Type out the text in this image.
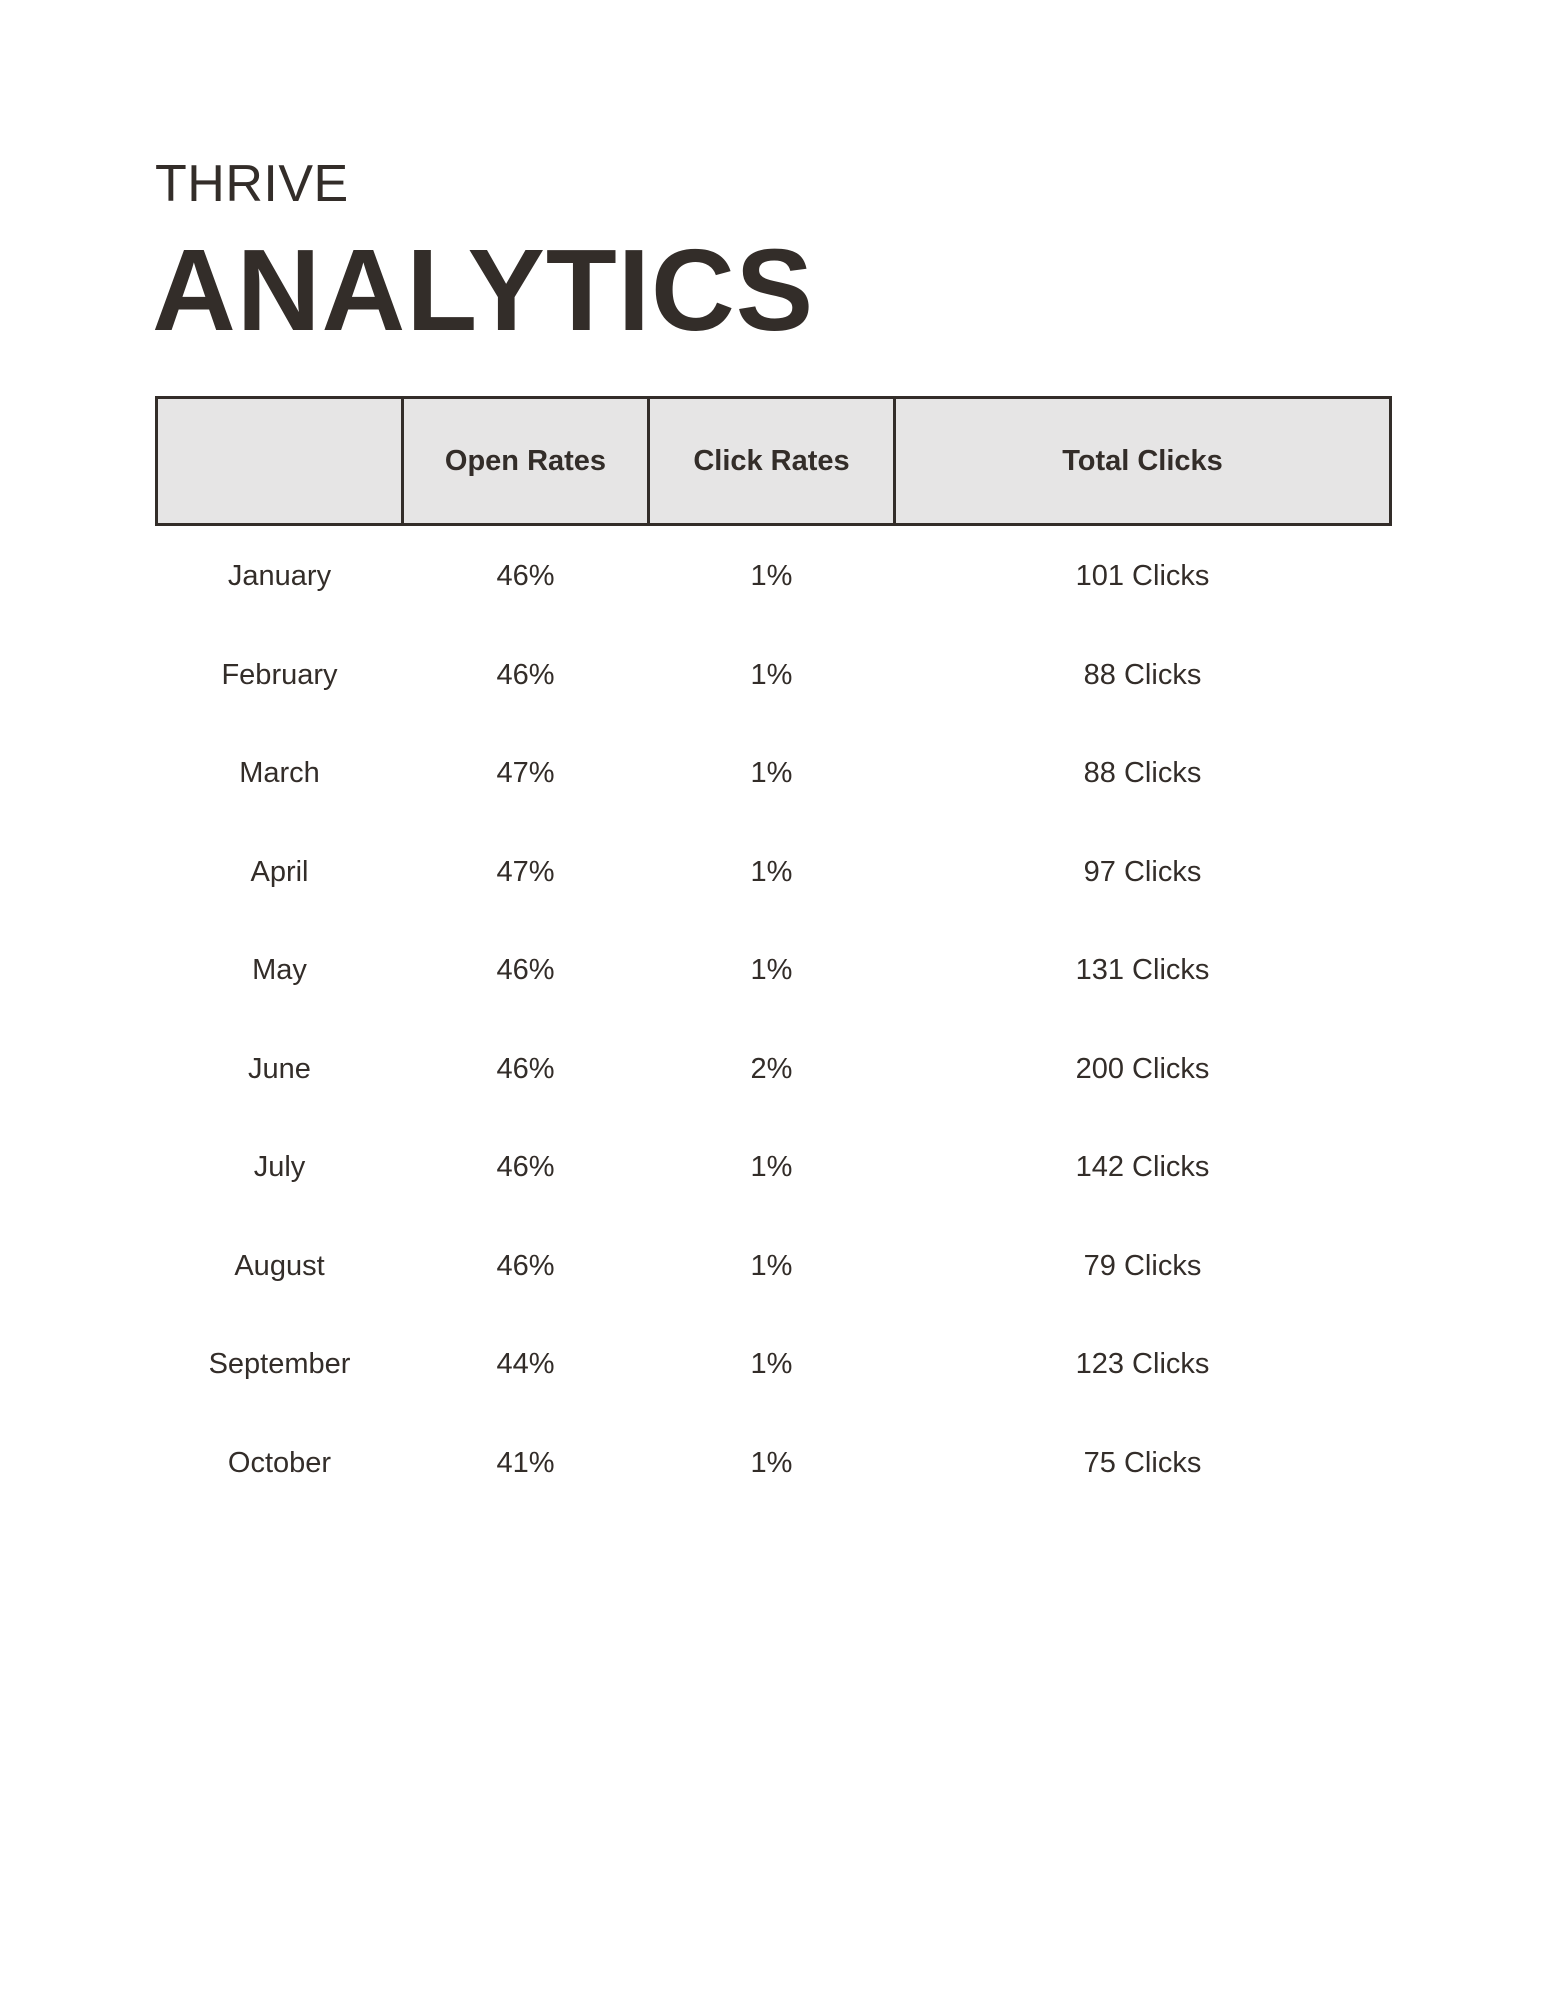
THRIVE
ANALYTICS
	Open Rates	Click Rates	Total Clicks
January	46%	1%	101 Clicks
February	46%	1%	88 Clicks
March	47%	1%	88 Clicks
April	47%	1%	97 Clicks
May	46%	1%	131 Clicks
June	46%	2%	200 Clicks
July	46%	1%	142 Clicks
August	46%	1%	79 Clicks
September	44%	1%	123 Clicks
October	41%	1%	75 Clicks
